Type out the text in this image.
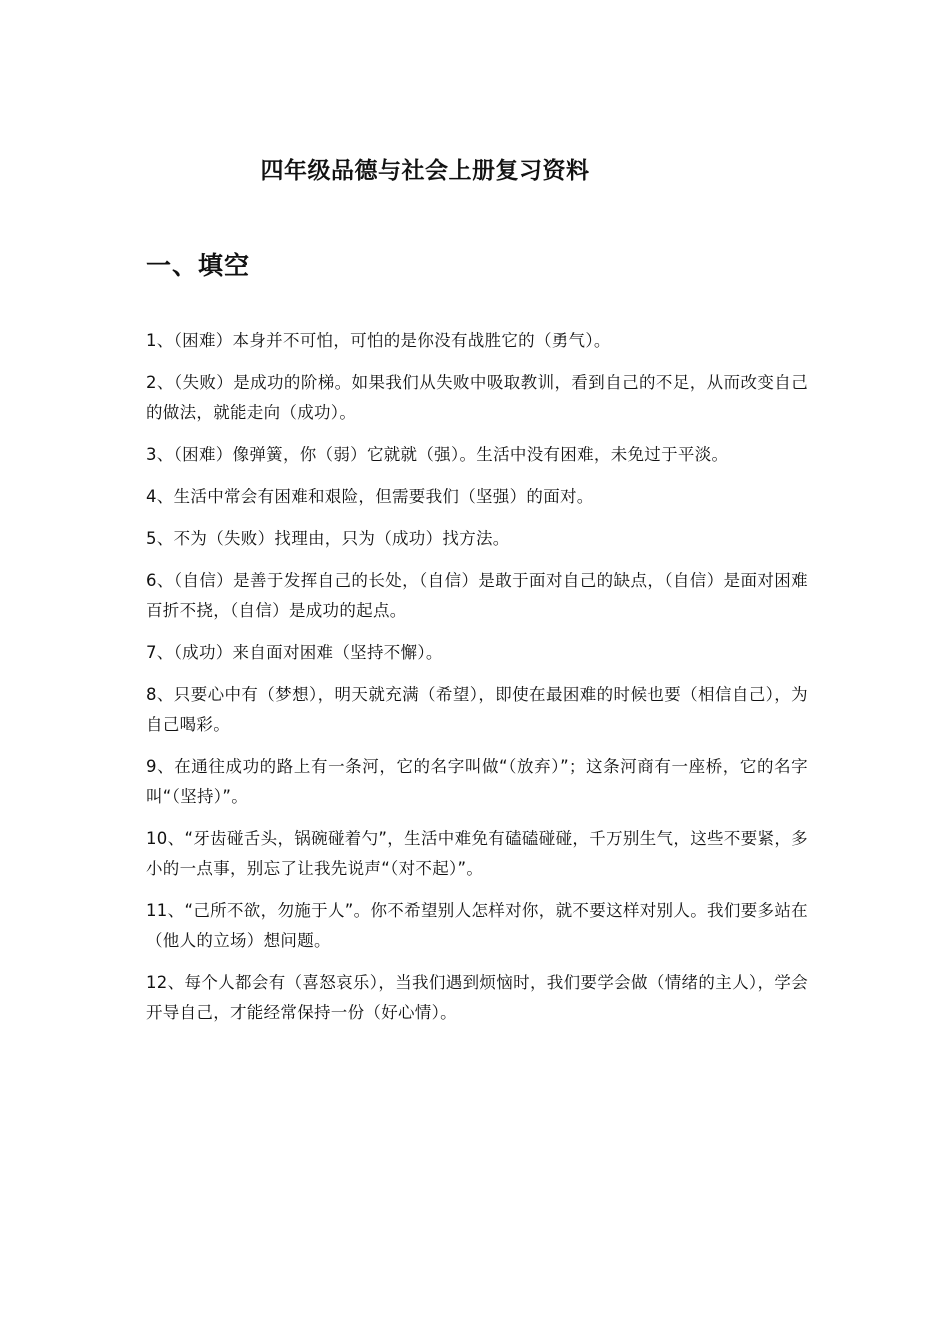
四年级品德与社会上册复习资料
一、填空
1、（困难）本身并不可怕，可怕的是你没有战胜它的（勇气）。
2、（失败）是成功的阶梯。如果我们从失败中吸取教训，看到自己的不足，从而改变自己的做法，就能走向（成功）。
3、（困难）像弹簧，你（弱）它就就（强）。生活中没有困难，未免过于平淡。
4、生活中常会有困难和艰险，但需要我们（坚强）的面对。
5、不为（失败）找理由，只为（成功）找方法。
6、（自信）是善于发挥自己的长处，（自信）是敢于面对自己的缺点，（自信）是面对困难百折不挠，（自信）是成功的起点。
7、（成功）来自面对困难（坚持不懈）。
8、只要心中有（梦想），明天就充满（希望），即使在最困难的时候也要（相信自己），为自己喝彩。
9、在通往成功的路上有一条河，它的名字叫做“（放弃）”；这条河商有一座桥，它的名字叫“（坚持）”。
10、“牙齿碰舌头，锅碗碰着勺”，生活中难免有磕磕碰碰，千万别生气，这些不要紧，多小的一点事，别忘了让我先说声“（对不起）”。
11、“己所不欲，勿施于人”。你不希望别人怎样对你，就不要这样对别人。我们要多站在（他人的立场）想问题。
12、每个人都会有（喜怒哀乐），当我们遇到烦恼时，我们要学会做（情绪的主人），学会开导自己，才能经常保持一份（好心情）。
